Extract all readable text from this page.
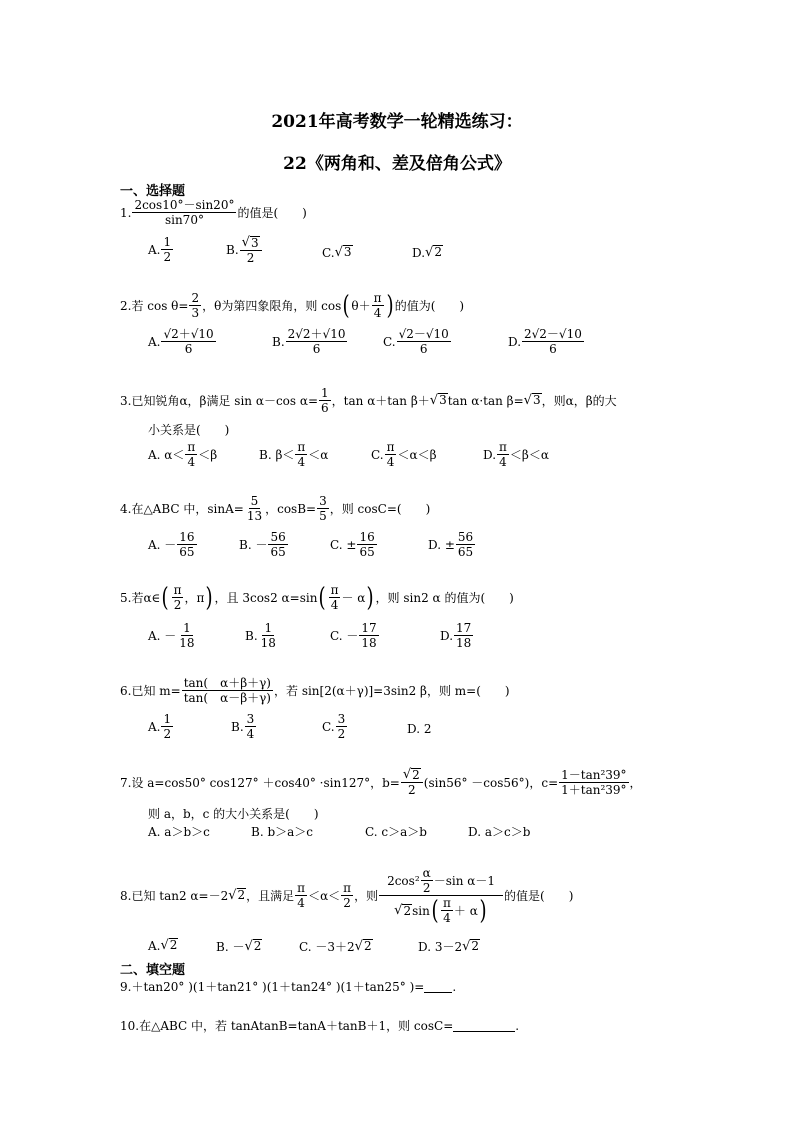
2021年高考数学一轮精选练习：
22《两角和、差及倍角公式》
一、选择题
1. $\frac{2\cos 10^\circ-\sin 20^\circ}{\sin 70^\circ}$ 的值是(　　)
A. $\frac{1}{2}$	B. $\frac{√ 3}{2}$	C. √ 3	D. √ 2
2.若 $\cos \theta= \frac{2}{3}$ ，θ为第四象限角，则 cos ( $\theta+ \frac{\pi}{4}$ ) 的值为(　　)
A. $\frac{√2+√10}{6}$	B. $\frac{2√2+√10}{6}$	C. $\frac{√2-√10}{6}$	D. $\frac{2√2-√10}{6}$
3.已知锐角α，β满足 sin α－cos $\alpha= \frac{1}{6}$ ，tan α＋tan β＋ √ 3 tan α·tan β= √ 3 ，则α，β的大
小关系是(　　)
A. $\alpha< \frac{\pi}{4} <\beta$	B. $\beta< \frac{\pi}{4} <\alpha$	C. $\frac{\pi}{4} <\alpha<\beta$	D. $\frac{\pi}{4} <\beta<\alpha$
4.在△ABC 中，$\sin A= \frac{5}{13}$ ，$\cos B= \frac{3}{5}$ ，则 cosC=(　　)
A. － $\frac{16}{65}$	B. － $\frac{56}{65}$	C. ± $\frac{16}{65}$	D. ± $\frac{56}{65}$
5.若α∈ ( $\frac{\pi}{2}$ ，π ) ，且 3cos2 α=sin ( $\frac{\pi}{4} - \alpha$ ) ，则 sin2 α 的值为(　　)
A. － $\frac{1}{18}$	B. $\frac{1}{18}$	C. － $\frac{17}{18}$	D. $\frac{17}{18}$
6.已知 $m= \frac{\tan( \alpha+\beta+\gamma)}{\tan( \alpha-\beta+\gamma)}$ ，若 sin[2(α＋γ)]=3sin2 β，则 m=(　　)
A. $\frac{1}{2}$	B. $\frac{3}{4}$	C. $\frac{3}{2}$	D. 2
7.设 a=cos50° cos127° ＋cos40° ·sin127°，$b= \frac{√ 2}{2} (\sin 56^\circ -\cos 56^\circ)$，$c= \frac{\text{1－tan²39°}}{\text{1＋tan²39°}}$ ，
则 a，b，c 的大小关系是(　　)
A. a＞b＞c	B. b＞a＞c	C. c＞a＞b	D. a＞c＞b
8.已知 tan2 α=－2 √ 2 ，且满足 $\frac{\pi}{4} <\alpha< \frac{\pi}{2}$ ，则 $\frac{2\cos^2 \frac{\alpha}{2} -\sin \alpha-1}{√ 2 \sin ( \frac{\pi}{4} + \alpha )}$ 的值是(　　)
A. √ 2	B. － √ 2	C. －3＋2 √ 2	D. 3－2 √ 2
二、填空题
9.＋tan20° )(1＋tan21° )(1＋tan24° )(1＋tan25° )= .
10.在△ABC 中，若 tanAtanB=tanA＋tanB＋1，则 cosC=	.
